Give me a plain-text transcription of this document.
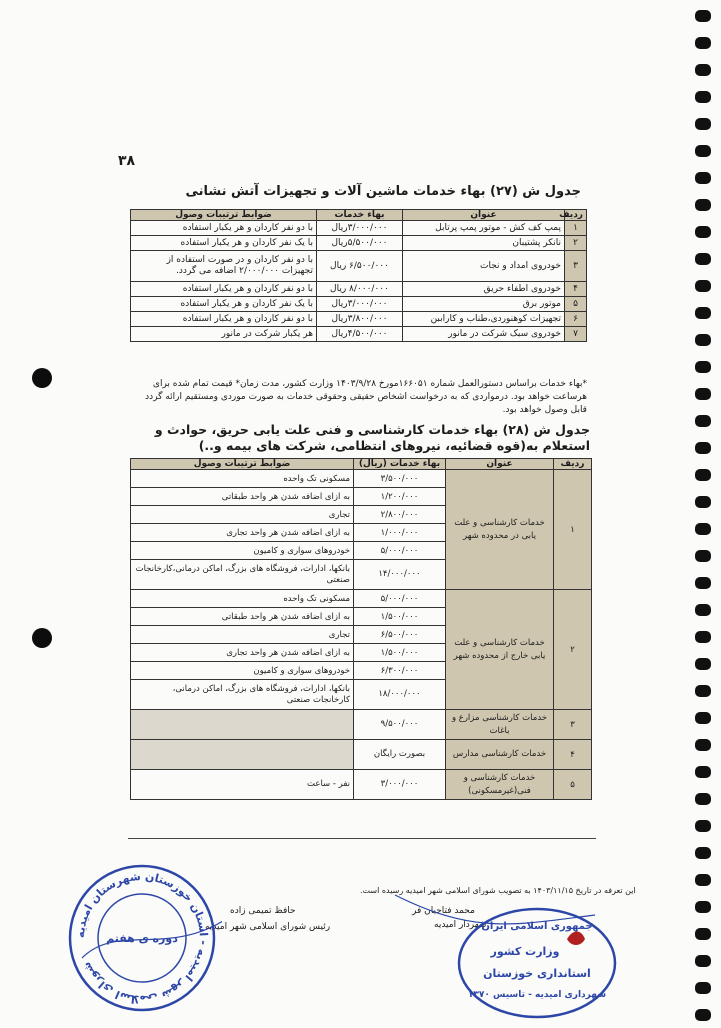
۳۸
جدول ش (۲۷) بهاء خدمات ماشین آلات و تجهیزات آتش نشانی
ردیف	عنوان	بهاء خدمات	ضوابط ترتیبات وصول
۱	پمپ کف کش - موتور پمپ پرتابل	۳/۰۰۰/۰۰۰ریال	با دو نفر کاردان و هر یکبار استفاده
۲	نانکر پشتیبان	۵/۵۰۰/۰۰۰ریال	با یک نفر کاردان و هر یکبار استفاده
۳	خودروی امداد و نجات	۶/۵۰۰/۰۰۰ ریال	با دو نفر کاردان و در صورت استفاده از تجهیزات ۲/۰۰۰/۰۰۰ اضافه می گردد.
۴	خودروی اطفاء حریق	۸/۰۰۰/۰۰۰ ریال	با دو نفر کاردان و هر یکبار استفاده
۵	موتور برق	۳/۰۰۰/۰۰۰ریال	با یک نفر کاردان و هر یکبار استفاده
۶	تجهیزات کوهنوردی،طناب و کاراببن	۳/۸۰۰/۰۰۰ریال	با دو نفر کاردان و هر یکبار استفاده
۷	خودروی سبک شرکت در مانور	۴/۵۰۰/۰۰۰ریال	هر یکبار شرکت در مانور
*بهاء خدمات براساس دستورالعمل شماره ۱۶۶۰۵۱مورخ ۱۴۰۳/۹/۲۸ وزارت کشور، مدت زمان* قیمت تمام شده برای هرساعت خواهد بود. درمواردی که به درخواست اشخاص حقیقی وحقوقی خدمات به صورت موردی ومستقیم ارائه گردد قابل وصول خواهد بود.
جدول ش (۲۸) بهاء خدمات کارشناسی و فنی علت یابی حریق، حوادث و استعلام به(قوه قضائیه، نیروهای انتظامی، شرکت های بیمه و..)
ردیف	عنوان	بهاء خدمات (ریال)	ضوابط ترتیبات وصول
۱	خدمات کارشناسی و علت یابی در محدوده شهر	۳/۵۰۰/۰۰۰	مسکونی تک واحده
		۱/۲۰۰/۰۰۰	به ازای اضافه شدن هر واحد طبقاتی
		۲/۸۰۰/۰۰۰	تجاری
		۱/۰۰۰/۰۰۰	به ازای اضافه شدن هر واحد تجاری
		۵/۰۰۰/۰۰۰	خودروهای سواری و کامیون
		۱۴/۰۰۰/۰۰۰	بانکها، ادارات، فروشگاه های بزرگ، اماکن درمانی،کارخانجات صنعتی
۲	خدمات کارشناسی و علت یابی خارج از محدوده شهر	۵/۰۰۰/۰۰۰	مسکونی تک واحده
		۱/۵۰۰/۰۰۰	به ازای اضافه شدن هر واحد طبقاتی
		۶/۵۰۰/۰۰۰	تجاری
		۱/۵۰۰/۰۰۰	به ازای اضافه شدن هر واحد تجاری
		۶/۳۰۰/۰۰۰	خودروهای سواری و کامیون
		۱۸/۰۰۰/۰۰۰	بانکها، ادارات، فروشگاه های بزرگ، اماکن درمانی، کارخانجات صنعتی
۳	خدمات کارشناسی مزارع و باغات	۹/۵۰۰/۰۰۰	
۴	خدمات کارشناسی مدارس	بصورت رایگان	
۵	خدمات کارشناسی و فنی(غیرمسکونی)	۳/۰۰۰/۰۰۰	نفر - ساعت
این تعرفه در تاریخ ۱۴۰۳/۱۱/۱۵ به تصویب شورای اسلامی شهر امیدیه رسیده است.
محمد فتاحیان فر
شهردار امیدیه
حافظ تمیمی زاده
رئیس شورای اسلامی شهر امیدیه
شورای اسلامی شهر امیدیه - استان خوزستان شهرستان امیدیه
دوره ی هفتم
جمهوری اسلامی ایران
وزارت کشور
استانداری خوزستان
شهرداری امیدیه - تاسیس ۱۳۷۰
